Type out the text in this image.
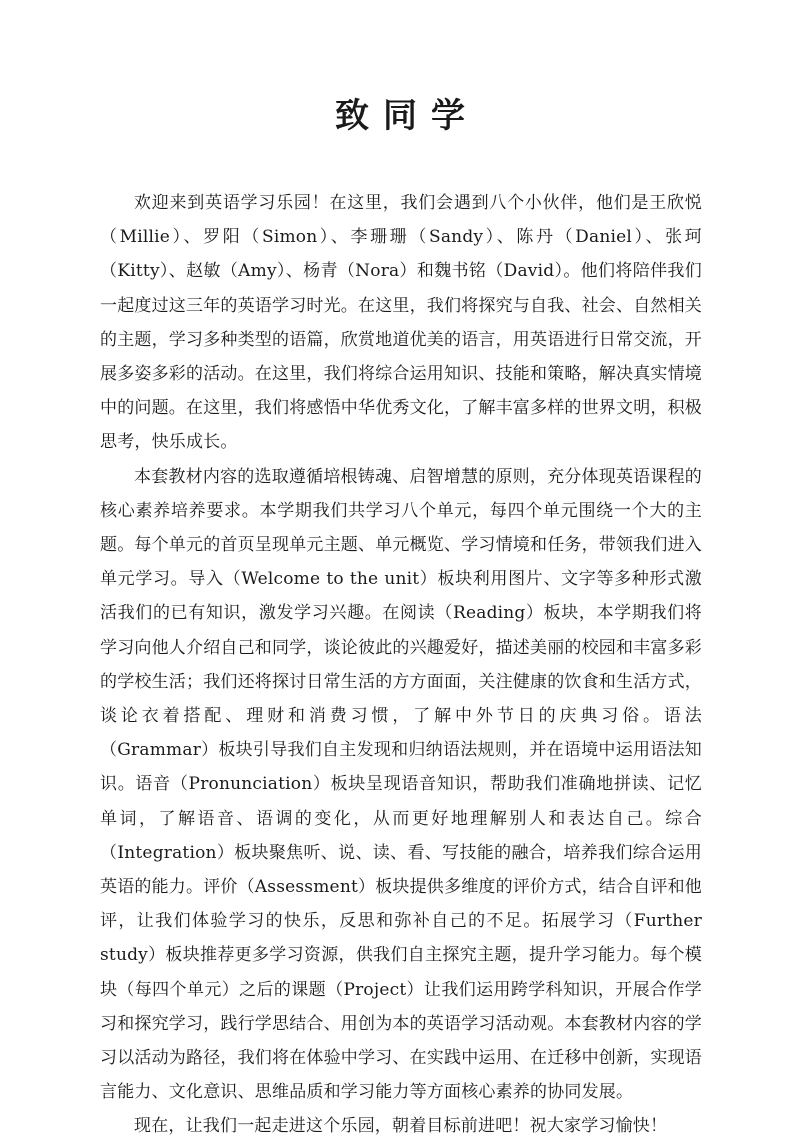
致同学

欢迎来到英语学习乐园！在这里，我们会遇到八个小伙伴，他们是王欣悦（Millie）、罗阳（Simon）、李珊珊（Sandy）、陈丹（Daniel）、张珂（Kitty）、赵敏（Amy）、杨青（Nora）和魏书铭（David）。他们将陪伴我们一起度过这三年的英语学习时光。在这里，我们将探究与自我、社会、自然相关的主题，学习多种类型的语篇，欣赏地道优美的语言，用英语进行日常交流，开展多姿多彩的活动。在这里，我们将综合运用知识、技能和策略，解决真实情境中的问题。在这里，我们将感悟中华优秀文化，了解丰富多样的世界文明，积极思考，快乐成长。

本套教材内容的选取遵循培根铸魂、启智增慧的原则，充分体现英语课程的核心素养培养要求。本学期我们共学习八个单元，每四个单元围绕一个大的主题。每个单元的首页呈现单元主题、单元概览、学习情境和任务，带领我们进入单元学习。导入（Welcome to the unit）板块利用图片、文字等多种形式激活我们的已有知识，激发学习兴趣。在阅读（Reading）板块，本学期我们将学习向他人介绍自己和同学，谈论彼此的兴趣爱好，描述美丽的校园和丰富多彩的学校生活；我们还将探讨日常生活的方方面面，关注健康的饮食和生活方式，谈论衣着搭配、理财和消费习惯，了解中外节日的庆典习俗。语法（Grammar）板块引导我们自主发现和归纳语法规则，并在语境中运用语法知识。语音（Pronunciation）板块呈现语音知识，帮助我们准确地拼读、记忆单词，了解语音、语调的变化，从而更好地理解别人和表达自己。综合（Integration）板块聚焦听、说、读、看、写技能的融合，培养我们综合运用英语的能力。评价（Assessment）板块提供多维度的评价方式，结合自评和他评，让我们体验学习的快乐，反思和弥补自己的不足。拓展学习（Further study）板块推荐更多学习资源，供我们自主探究主题，提升学习能力。每个模块（每四个单元）之后的课题（Project）让我们运用跨学科知识，开展合作学习和探究学习，践行学思结合、用创为本的英语学习活动观。本套教材内容的学习以活动为路径，我们将在体验中学习、在实践中运用、在迁移中创新，实现语言能力、文化意识、思维品质和学习能力等方面核心素养的协同发展。

现在，让我们一起走进这个乐园，朝着目标前进吧！祝大家学习愉快！
